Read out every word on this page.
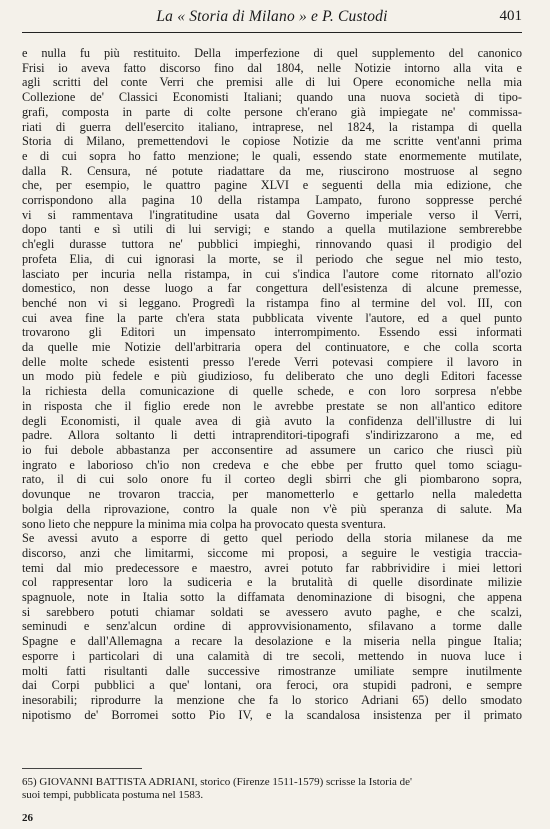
La « Storia di Milano » e P. Custodi	401
e nulla fu più restituito. Della imperfezione di quel supplemento del canonico
Frisi io aveva fatto discorso fino dal 1804, nelle Notizie intorno alla vita e
agli scritti del conte Verri che premisi alle di lui Opere economiche nella mia
Collezione de' Classici Economisti Italiani; quando una nuova società di tipo-
grafi, composta in parte di colte persone ch'erano già impiegate ne' commissa-
riati di guerra dell'esercito italiano, intraprese, nel 1824, la ristampa di quella
Storia di Milano, premettendovi le copiose Notizie da me scritte vent'anni prima
e di cui sopra ho fatto menzione; le quali, essendo state enormemente mutilate,
dalla R. Censura, né potute riadattare da me, riuscirono mostruose al segno
che, per esempio, le quattro pagine XLVI e seguenti della mia edizione, che
corrispondono alla pagina 10 della ristampa Lampato, furono soppresse perché
vi si rammentava l'ingratitudine usata dal Governo imperiale verso il Verri,
dopo tanti e sì utili di lui servigi; e stando a quella mutilazione sembrerebbe
ch'egli durasse tuttora ne' pubblici impieghi, rinnovando quasi il prodigio del
profeta Elia, di cui ignorasi la morte, se il periodo che segue nel mio testo,
lasciato per incuria nella ristampa, in cui s'indica l'autore come ritornato all'ozio
domestico, non desse luogo a far congettura dell'esistenza di alcune premesse,
benché non vi si leggano. Progredì la ristampa fino al termine del vol. III, con
cui avea fine la parte ch'era stata pubblicata vivente l'autore, ed a quel punto
trovarono gli Editori un impensato interrompimento. Essendo essi informati
da quelle mie Notizie dell'arbitraria opera del continuatore, e che colla scorta
delle molte schede esistenti presso l'erede Verri potevasi compiere il lavoro in
un modo più fedele e più giudizioso, fu deliberato che uno degli Editori facesse
la richiesta della comunicazione di quelle schede, e con loro sorpresa n'ebbe
in risposta che il figlio erede non le avrebbe prestate se non all'antico editore
degli Economisti, il quale avea di già avuto la confidenza dell'illustre di lui
padre. Allora soltanto li detti intraprenditori-tipografi s'indirizzarono a me, ed
io fui debole abbastanza per acconsentire ad assumere un carico che riuscì più
ingrato e laborioso ch'io non credeva e che ebbe per frutto quel tomo sciagu-
rato, il di cui solo onore fu il corteo degli sbirri che gli piombarono sopra,
dovunque ne trovaron traccia, per manometterlo e gettarlo nella maledetta
bolgia della riprovazione, contro la quale non v'è più speranza di salute. Ma
sono lieto che neppure la minima mia colpa ha provocato questa sventura.
Se avessi avuto a esporre di getto quel periodo della storia milanese da me
discorso, anzi che limitarmi, siccome mi proposi, a seguire le vestigia traccia-
temi dal mio predecessore e maestro, avrei potuto far rabbrividire i miei lettori
col rappresentar loro la sudiceria e la brutalità di quelle disordinate milizie
spagnuole, note in Italia sotto la diffamata denominazione di bisogni, che appena
si sarebbero potuti chiamar soldati se avessero avuto paghe, e che scalzi,
seminudi e senz'alcun ordine di approvvisionamento, sfilavano a torme dalle
Spagne e dall'Allemagna a recare la desolazione e la miseria nella pingue Italia;
esporre i particolari di una calamità di tre secoli, mettendo in nuova luce i
molti fatti risultanti dalle successive rimostranze umiliate sempre inutilmente
dai Corpi pubblici a que' lontani, ora feroci, ora stupidi padroni, e sempre
inesorabili; riprodurre la menzione che fa lo storico Adriani 65) dello smodato
nipotismo de' Borromei sotto Pio IV, e la scandalosa insistenza per il primato
65) GIOVANNI BATTISTA ADRIANI, storico (Firenze 1511-1579) scrisse la Istoria de'
suoi tempi, pubblicata postuma nel 1583.
26
